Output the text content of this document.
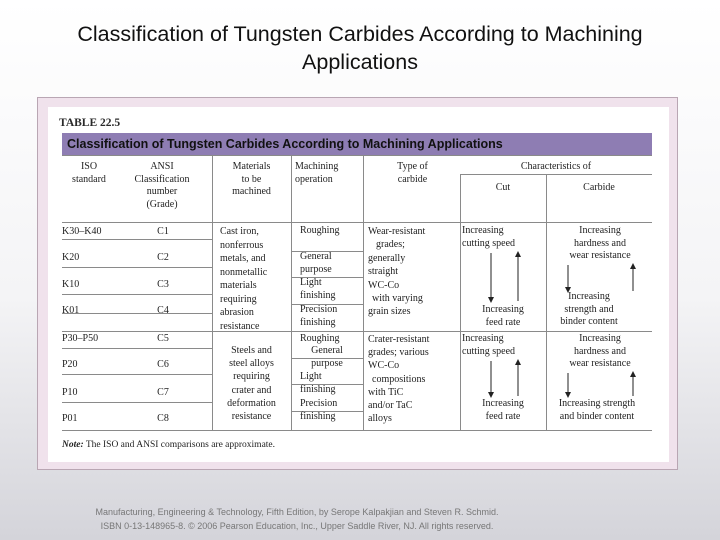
Classification of Tungsten Carbides According to Machining
Applications
TABLE 22.5
Classification of Tungsten Carbides According to Machining Applications
ISO
standard
ANSI
Classification
number
(Grade)
Materials
to be
machined
Machining
operation
Type of
carbide
Characteristics of
Cut	Carbide
K30–K40
K20
K10
K01
P30–P50
P20
P10
P01
C1
C2
C3
C4
C5
C6
C7
C8
Cast iron,
nonferrous
metals, and
nonmetallic
materials
requiring
abrasion
resistance
Steels and
steel alloys
requiring
crater and
deformation
resistance
Roughing
General
purpose
Light
finishing
Precision
finishing
Roughing
General
purpose
Light
finishing
Precision
finishing
Wear-resistant
grades;
generally
straight
WC-Co
with varying
grain sizes
Crater-resistant
grades; various
WC-Co
compositions
with TiC
and/or TaC
alloys
Increasing
cutting speed
Increasing
feed rate
Increasing
cutting speed
Increasing
feed rate
Increasing
hardness and
wear resistance
Increasing
strength and
binder content
Increasing
hardness and
wear resistance
Increasing strength
and binder content
Note: The ISO and ANSI comparisons are approximate.
Manufacturing, Engineering & Technology, Fifth Edition, by Serope Kalpakjian and Steven R. Schmid.
ISBN 0-13-148965-8. © 2006 Pearson Education, Inc., Upper Saddle River, NJ. All rights reserved.
